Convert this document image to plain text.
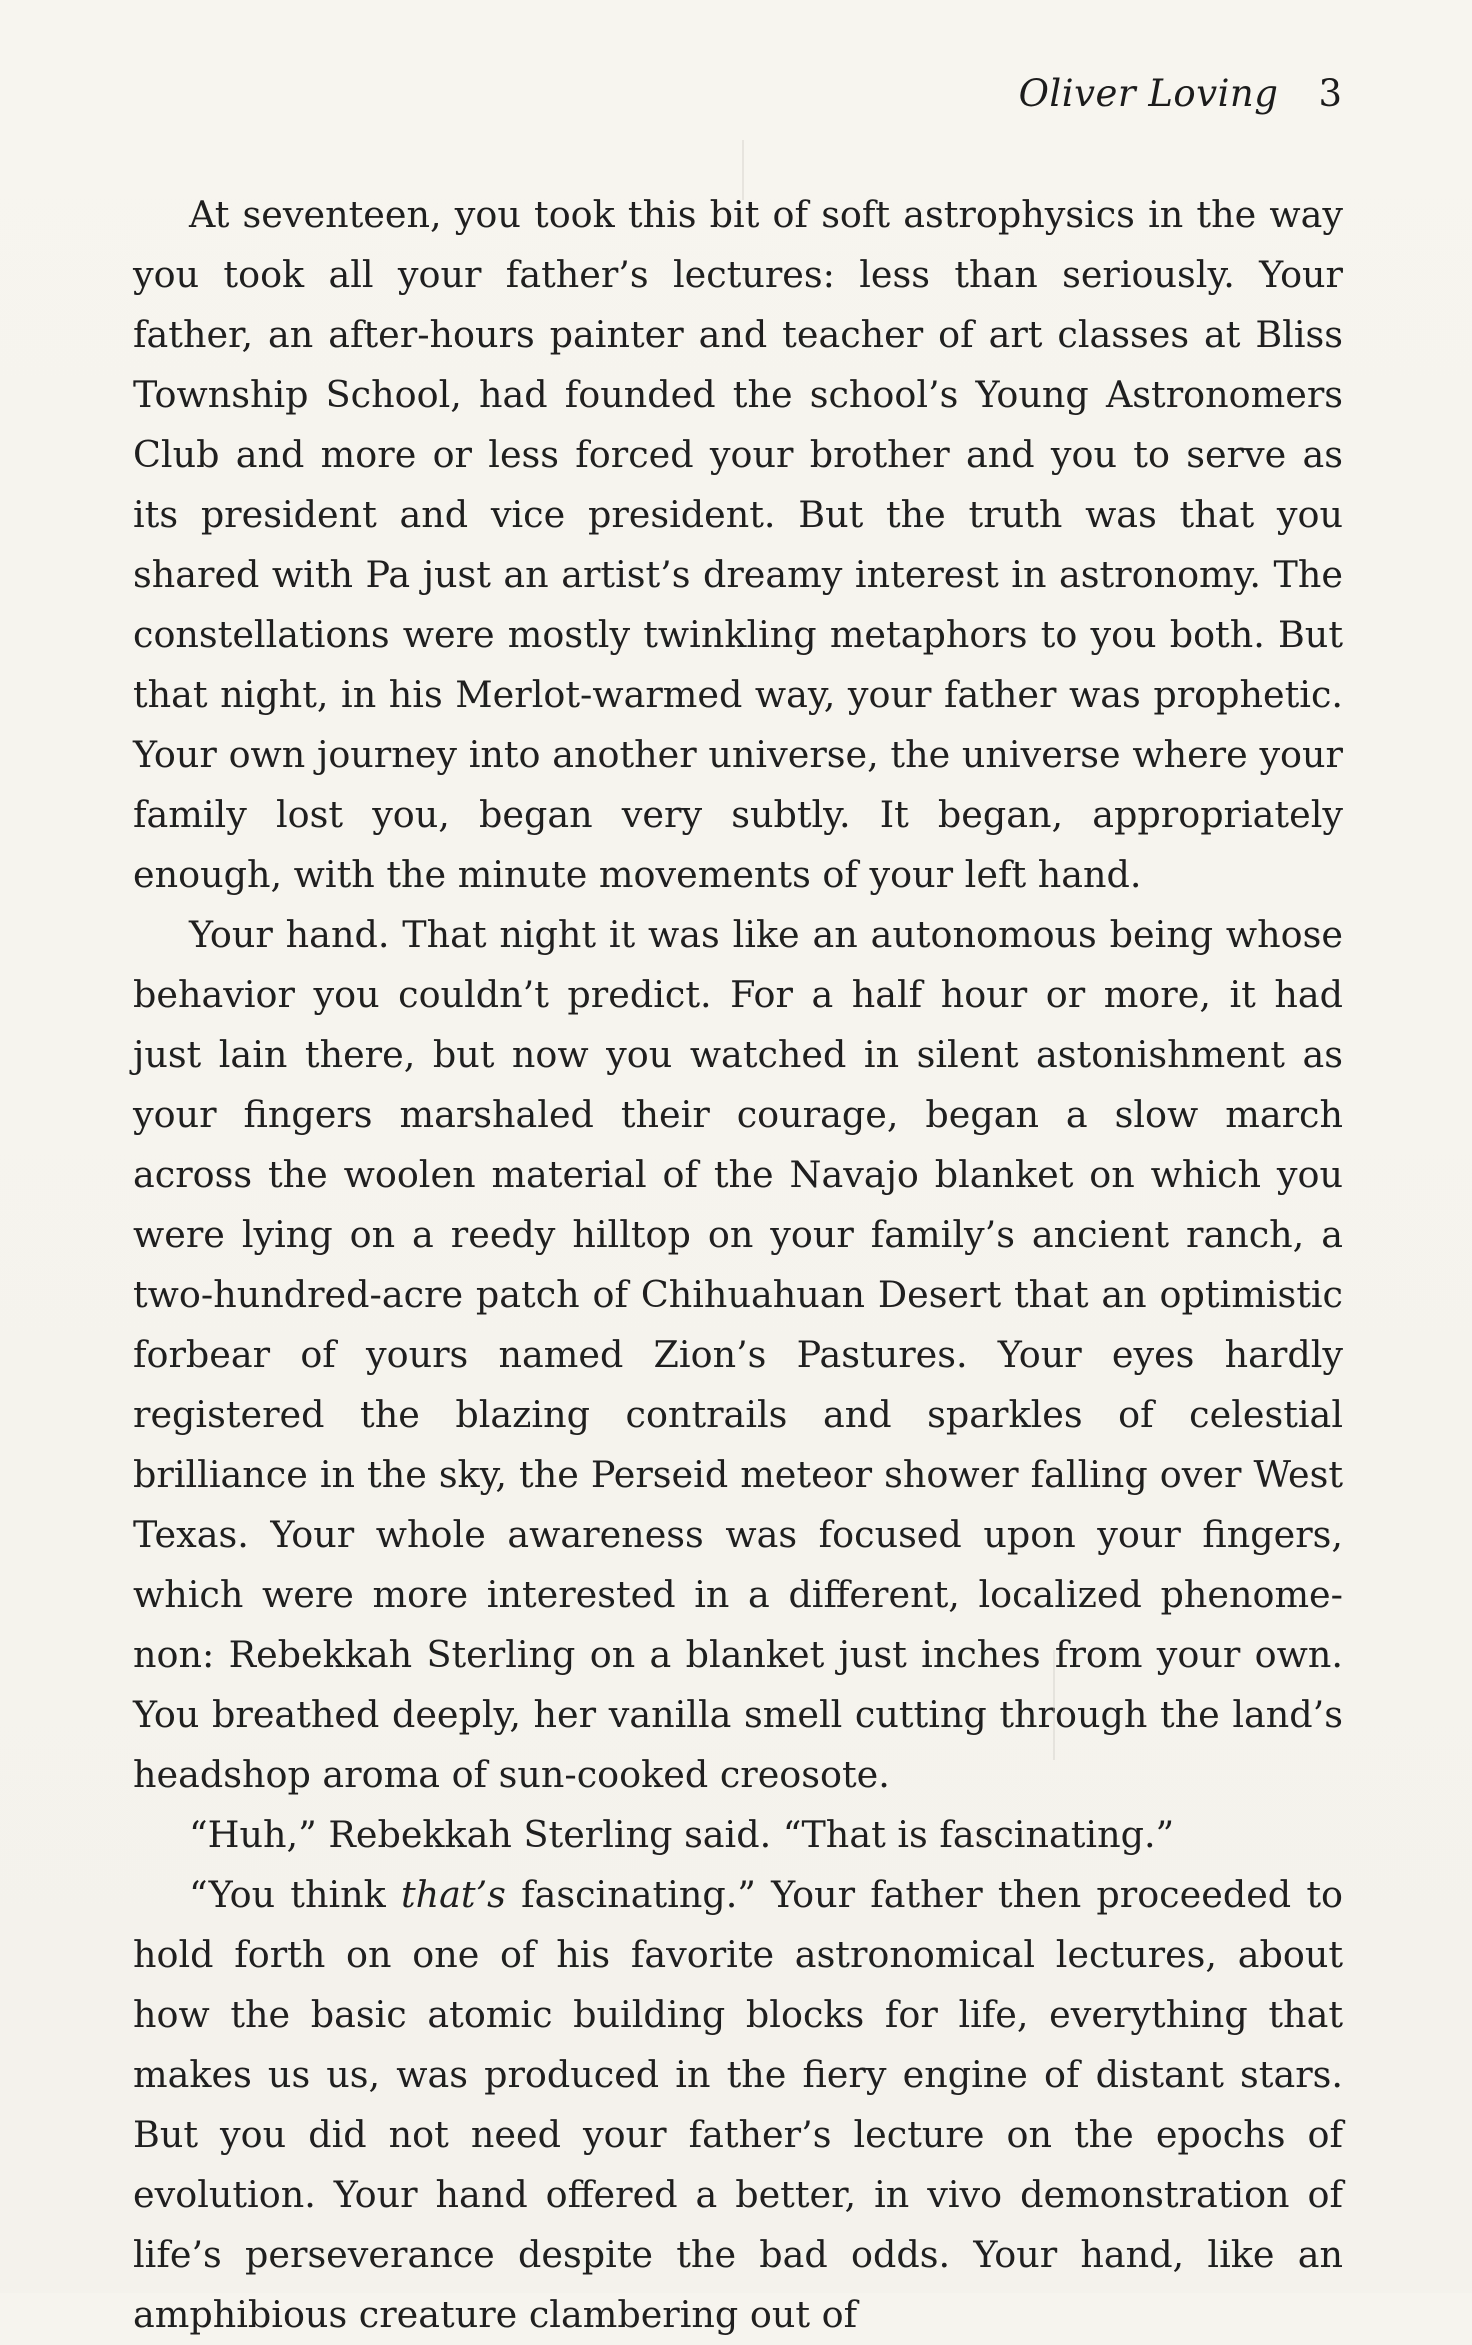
Oliver Loving 3

At seventeen, you took this bit of soft astrophysics in the way you took all your father’s lectures: less than seriously. Your father, an after-hours painter and teacher of art classes at Bliss Township School, had founded the school’s Young Astronomers Club and more or less forced your brother and you to serve as its president and vice president. But the truth was that you shared with Pa just an artist’s dreamy interest in astronomy. The constellations were mostly twinkling metaphors to you both. But that night, in his Merlot-warmed way, your father was prophetic. Your own journey into another universe, the universe where your family lost you, began very subtly. It began, appropriately enough, with the minute movements of your left hand.

Your hand. That night it was like an autonomous being whose behavior you couldn’t predict. For a half hour or more, it had just lain there, but now you watched in silent astonishment as your fingers marshaled their courage, began a slow march across the woolen material of the Navajo blanket on which you were lying on a reedy hilltop on your family’s ancient ranch, a two-hundred-acre patch of Chihuahuan Desert that an optimistic forbear of yours named Zion’s Pastures. Your eyes hardly registered the blazing contrails and sparkles of celestial brilliance in the sky, the Perseid meteor shower falling over West Texas. Your whole awareness was focused upon your fingers, which were more interested in a different, localized phenomenon: Rebekkah Sterling on a blanket just inches from your own. You breathed deeply, her vanilla smell cutting through the land’s headshop aroma of sun-cooked creosote.

“Huh,” Rebekkah Sterling said. “That is fascinating.”

“You think that’s fascinating.” Your father then proceeded to hold forth on one of his favorite astronomical lectures, about how the basic atomic building blocks for life, everything that makes us us, was produced in the fiery engine of distant stars. But you did not need your father’s lecture on the epochs of evolution. Your hand offered a better, in vivo demonstration of life’s perseverance despite the bad odds. Your hand, like an amphibious creature clambering out of
